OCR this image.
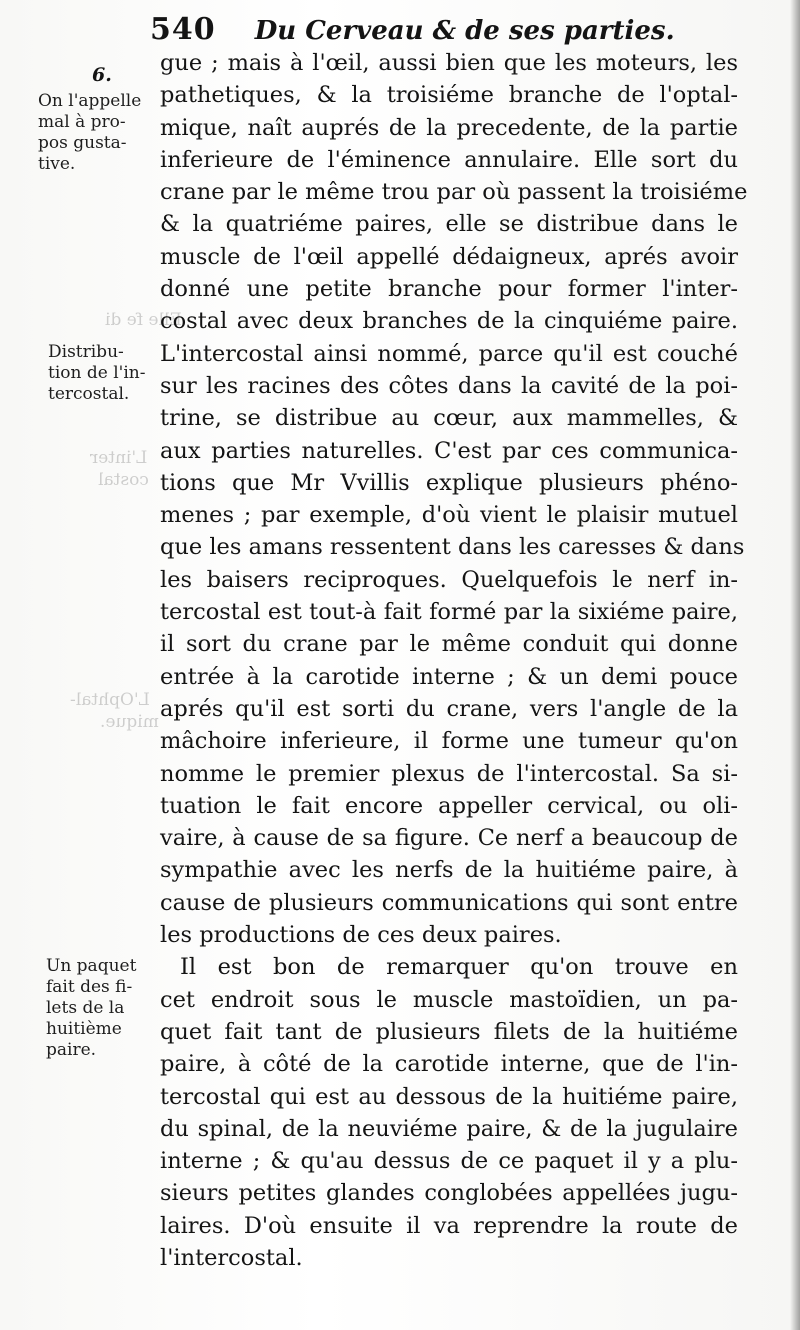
540 Du Cerveau & de ses parties.
6.
Elle fe di
L'inter
costal
L'Ophtal-
mique.
On l'appelle
mal à pro-
pos gusta-
tive.
Distribu-
tion de l'in-
tercostal.
Un paquet
fait des fi-
lets de la
huitième
paire.
gue ; mais à l'œil, aussi bien que les moteurs, les
pathetiques, & la troisiéme branche de l'optal-
mique, naît auprés de la precedente, de la partie
inferieure de l'éminence annulaire. Elle sort du
crane par le même trou par où passent la troisiéme
& la quatriéme paires, elle se distribue dans le
muscle de l'œil appellé dédaigneux, aprés avoir
donné une petite branche pour former l'inter-
costal avec deux branches de la cinquiéme paire.
L'intercostal ainsi nommé, parce qu'il est couché
sur les racines des côtes dans la cavité de la poi-
trine, se distribue au cœur, aux mammelles, &
aux parties naturelles. C'est par ces communica-
tions que Mr Vvillis explique plusieurs phéno-
menes ; par exemple, d'où vient le plaisir mutuel
que les amans ressentent dans les caresses & dans
les baisers reciproques. Quelquefois le nerf in-
tercostal est tout-à fait formé par la sixiéme paire,
il sort du crane par le même conduit qui donne
entrée à la carotide interne ; & un demi pouce
aprés qu'il est sorti du crane, vers l'angle de la
mâchoire inferieure, il forme une tumeur qu'on
nomme le premier plexus de l'intercostal. Sa si-
tuation le fait encore appeller cervical, ou oli-
vaire, à cause de sa figure. Ce nerf a beaucoup de
sympathie avec les nerfs de la huitiéme paire, à
cause de plusieurs communications qui sont entre
les productions de ces deux paires.
Il est bon de remarquer qu'on trouve en
cet endroit sous le muscle mastoïdien, un pa-
quet fait tant de plusieurs filets de la huitiéme
paire, à côté de la carotide interne, que de l'in-
tercostal qui est au dessous de la huitiéme paire,
du spinal, de la neuviéme paire, & de la jugulaire
interne ; & qu'au dessus de ce paquet il y a plu-
sieurs petites glandes conglobées appellées jugu-
laires. D'où ensuite il va reprendre la route de
l'intercostal.
